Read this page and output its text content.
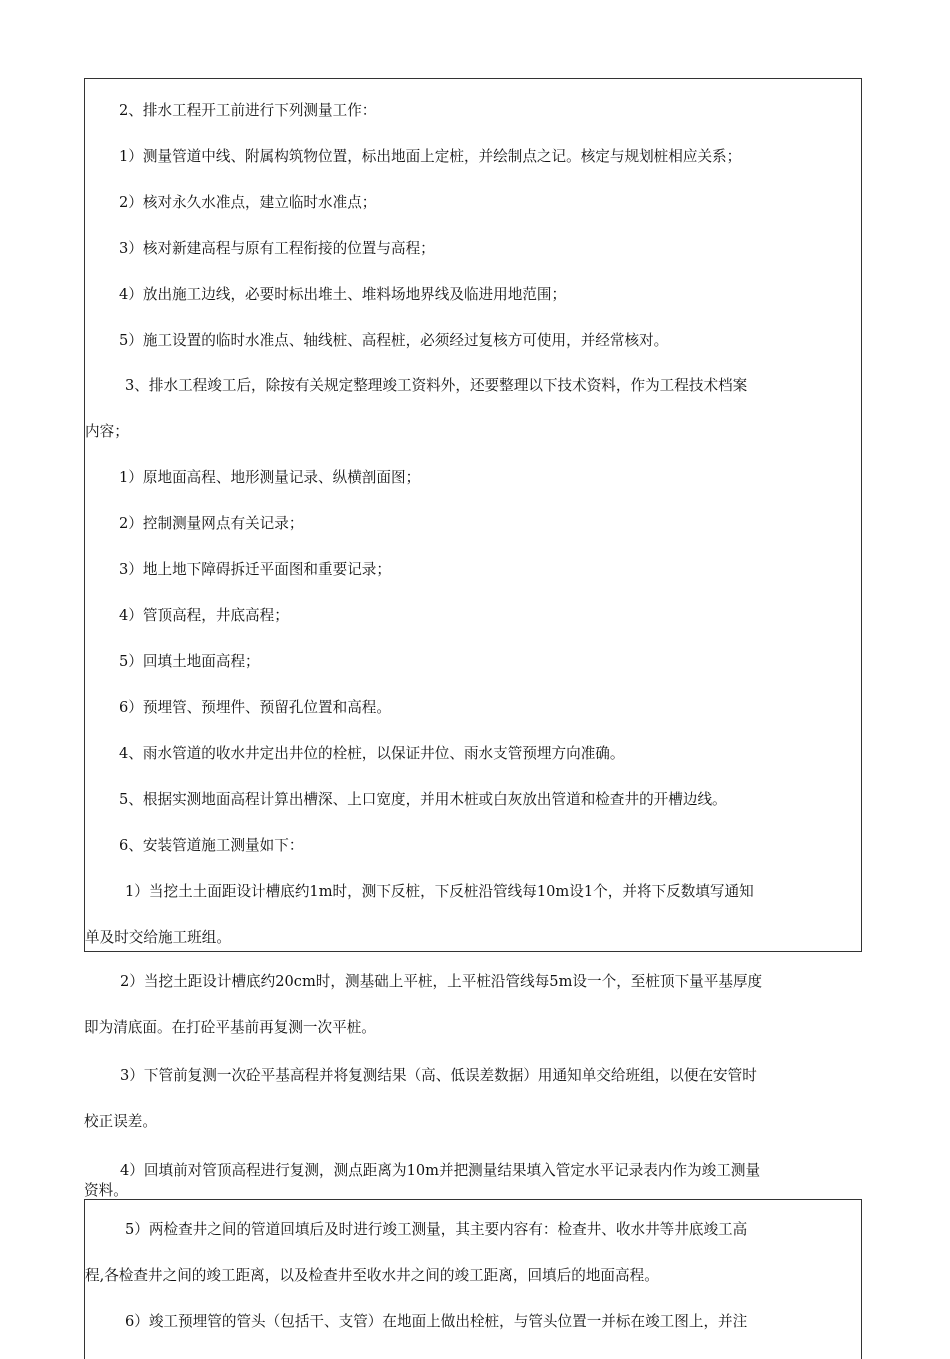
2、排水工程开工前进行下列测量工作：
1）测量管道中线、附属构筑物位置，标出地面上定桩，并绘制点之记。核定与规划桩相应关系；
2）核对永久水准点，建立临时水准点；
3）核对新建高程与原有工程衔接的位置与高程；
4）放出施工边线，必要时标出堆土、堆料场地界线及临进用地范围；
5）施工设置的临时水准点、轴线桩、高程桩，必须经过复核方可使用，并经常核对。
3、排水工程竣工后，除按有关规定整理竣工资料外，还要整理以下技术资料，作为工程技术档案
内容；
1）原地面高程、地形测量记录、纵横剖面图；
2）控制测量网点有关记录；
3）地上地下障碍拆迁平面图和重要记录；
4）管顶高程，井底高程；
5）回填土地面高程；
6）预埋管、预埋件、预留孔位置和高程。
4、雨水管道的收水井定出井位的栓桩，以保证井位、雨水支管预埋方向准确。
5、根据实测地面高程计算出槽深、上口宽度，并用木桩或白灰放出管道和检查井的开槽边线。
6、安装管道施工测量如下：
1）当挖土土面距设计槽底约1m时，测下反桩，下反桩沿管线每10m设1个，并将下反数填写通知
单及时交给施工班组。
2）当挖土距设计槽底约20cm时，测基础上平桩，上平桩沿管线每5m设一个，至桩顶下量平基厚度
即为清底面。在打砼平基前再复测一次平桩。
3）下管前复测一次砼平基高程并将复测结果（高、低误差数据）用通知单交给班组，以便在安管时
校正误差。
4）回填前对管顶高程进行复测，测点距离为10m并把测量结果填入管定水平记录表内作为竣工测量
资料。
5）两检查井之间的管道回填后及时进行竣工测量，其主要内容有：检查井、收水井等井底竣工高
程,各检查井之间的竣工距离，以及检查井至收水井之间的竣工距离，回填后的地面高程。
6）竣工预埋管的管头（包括干、支管）在地面上做出栓桩，与管头位置一并标在竣工图上，并注
